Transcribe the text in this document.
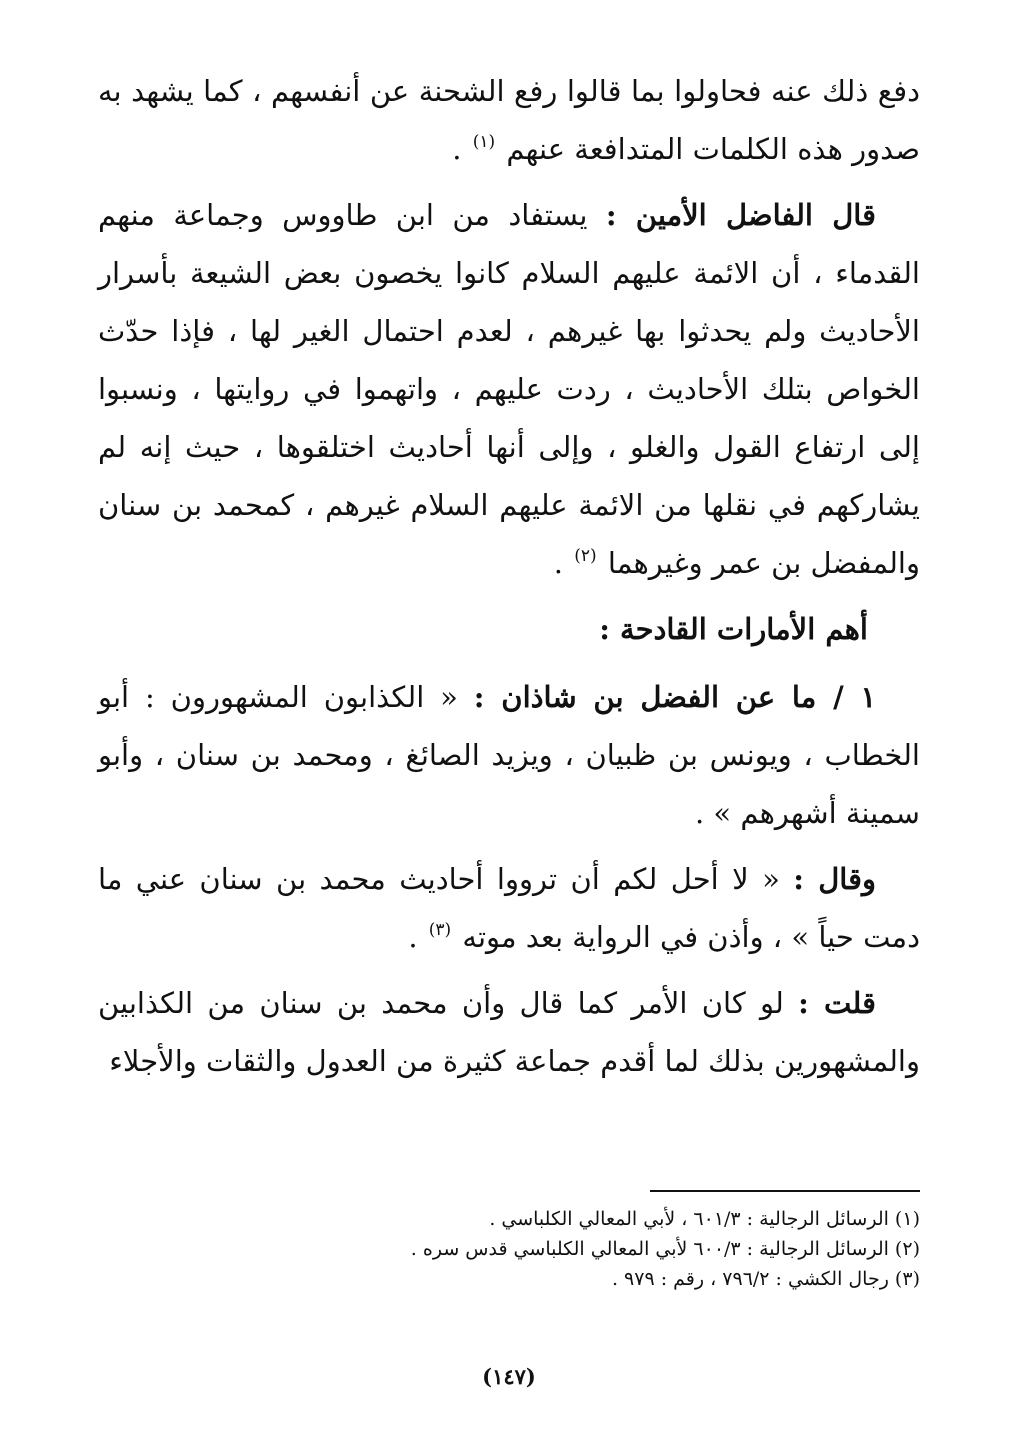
دفع ذلك عنه فحاولوا بما قالوا رفع الشحنة عن أنفسهم ، كما يشهد به صدور هذه الكلمات المتدافعة عنهم $^{(١)}$ .

قال الفاضل الأمين : يستفاد من ابن طاووس وجماعة منهم القدماء ، أن الائمة عليهم السلام كانوا يخصون بعض الشيعة بأسرار الأحاديث ولم يحدثوا بها غيرهم ، لعدم احتمال الغير لها ، فإذا حدّث الخواص بتلك الأحاديث ، ردت عليهم ، واتهموا في روايتها ، ونسبوا إلى ارتفاع القول والغلو ، وإلى أنها أحاديث اختلقوها ، حيث إنه لم يشاركهم في نقلها من الائمة عليهم السلام غيرهم ، كمحمد بن سنان والمفضل بن عمر وغيرهما $^{(٢)}$ .

أهم الأمارات القادحة :

١ / ما عن الفضل بن شاذان : « الكذابون المشهورون : أبو الخطاب ، ويونس بن ظبيان ، ويزيد الصائغ ، ومحمد بن سنان ، وأبو سمينة أشهرهم » .

وقال : « لا أحل لكم أن ترووا أحاديث محمد بن سنان عني ما دمت حياً » ، وأذن في الرواية بعد موته $^{(٣)}$ .

قلت : لو كان الأمر كما قال وأن محمد بن سنان من الكذابين والمشهورين بذلك لما أقدم جماعة كثيرة من العدول والثقات والأجلاء

(١) الرسائل الرجالية : ٦٠١/٣ ، لأبي المعالي الكلباسي .

(٢) الرسائل الرجالية : ٦٠٠/٣ لأبي المعالي الكلباسي قدس سره .

(٣) رجال الكشي : ٧٩٦/٢ ، رقم : ٩٧٩ .

(١٤٧)
